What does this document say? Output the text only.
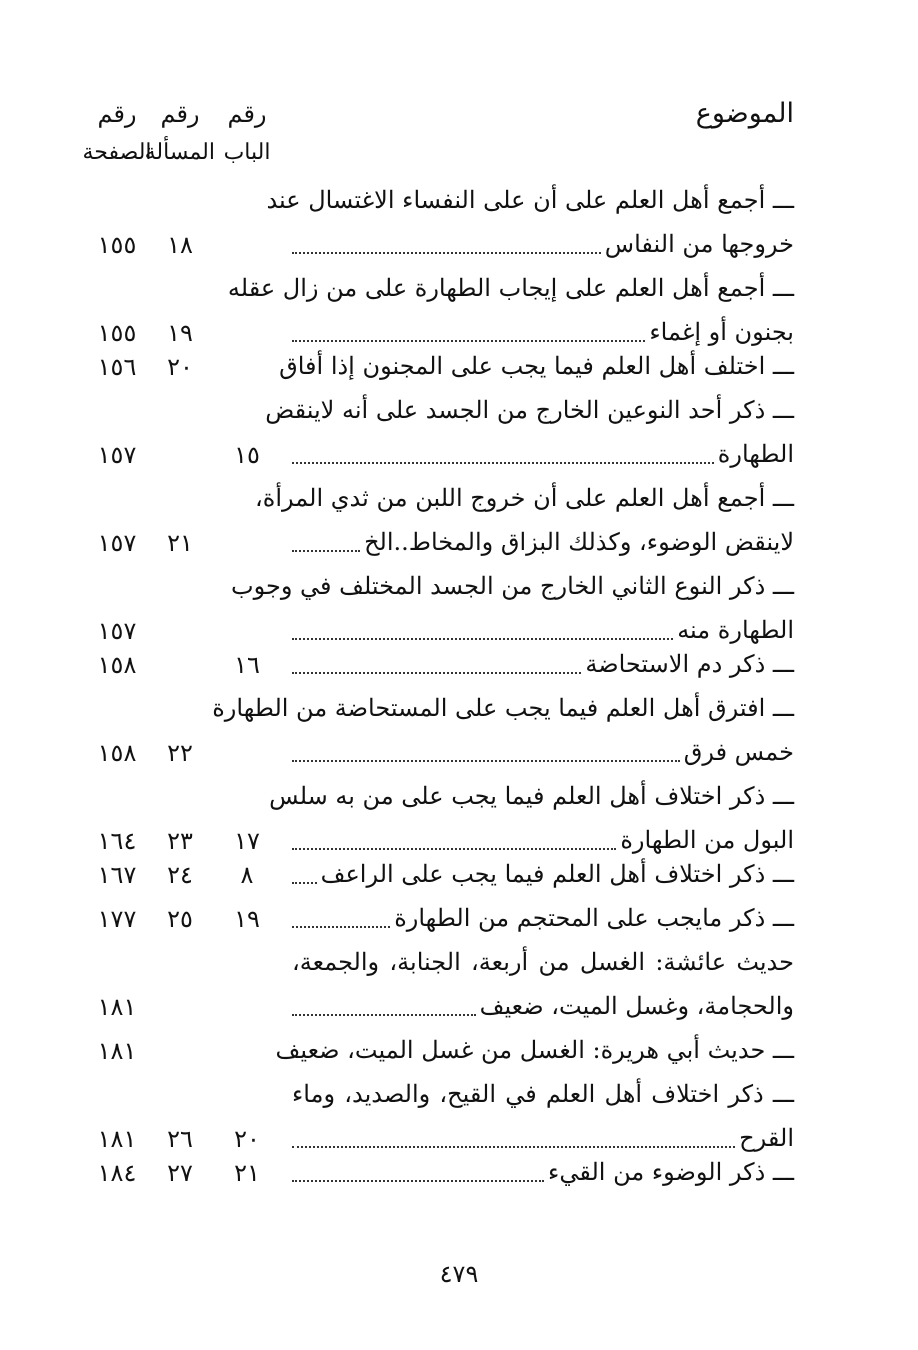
الموضوع
رقم
رقم
رقم
الباب
المسألة
الصفحة
ـــ أجمع أهل العلم على أن على النفساء الاغتسال عند
خروجها من النفاس
١٨
١٥٥
ـــ أجمع أهل العلم على إيجاب الطهارة على من زال عقله
بجنون أو إغماء
١٩
١٥٥
ـــ اختلف أهل العلم فيما يجب على المجنون إذا أفاق
٢٠
١٥٦
ـــ ذكر أحد النوعين الخارج من الجسد على أنه لاينقض
الطهارة
١٥
١٥٧
ـــ أجمع أهل العلم على أن خروج اللبن من ثدي المرأة،
لاينقض الوضوء، وكذلك البزاق والمخاط..الخ
٢١
١٥٧
ـــ ذكر النوع الثاني الخارج من الجسد المختلف في وجوب
الطهارة منه
١٥٧
ـــ ذكر دم الاستحاضة
١٦
١٥٨
ـــ افترق أهل العلم فيما يجب على المستحاضة من الطهارة
خمس فرق
٢٢
١٥٨
ـــ ذكر اختلاف أهل العلم فيما يجب على من به سلس
البول من الطهارة
١٧
٢٣
١٦٤
ـــ ذكر اختلاف أهل العلم فيما يجب على الراعف
٨
٢٤
١٦٧
ـــ ذكر مايجب على المحتجم من الطهارة
١٩
٢٥
١٧٧
حديث عائشة: الغسل من أربعة، الجنابة، والجمعة،
والحجامة، وغسل الميت، ضعيف
١٨١
ـــ حديث أبي هريرة: الغسل من غسل الميت، ضعيف
١٨١
ـــ ذكر اختلاف أهل العلم في القيح، والصديد، وماء
القرح
٢٠
٢٦
١٨١
ـــ ذكر الوضوء من القيء
٢١
٢٧
١٨٤
٤٧٩
